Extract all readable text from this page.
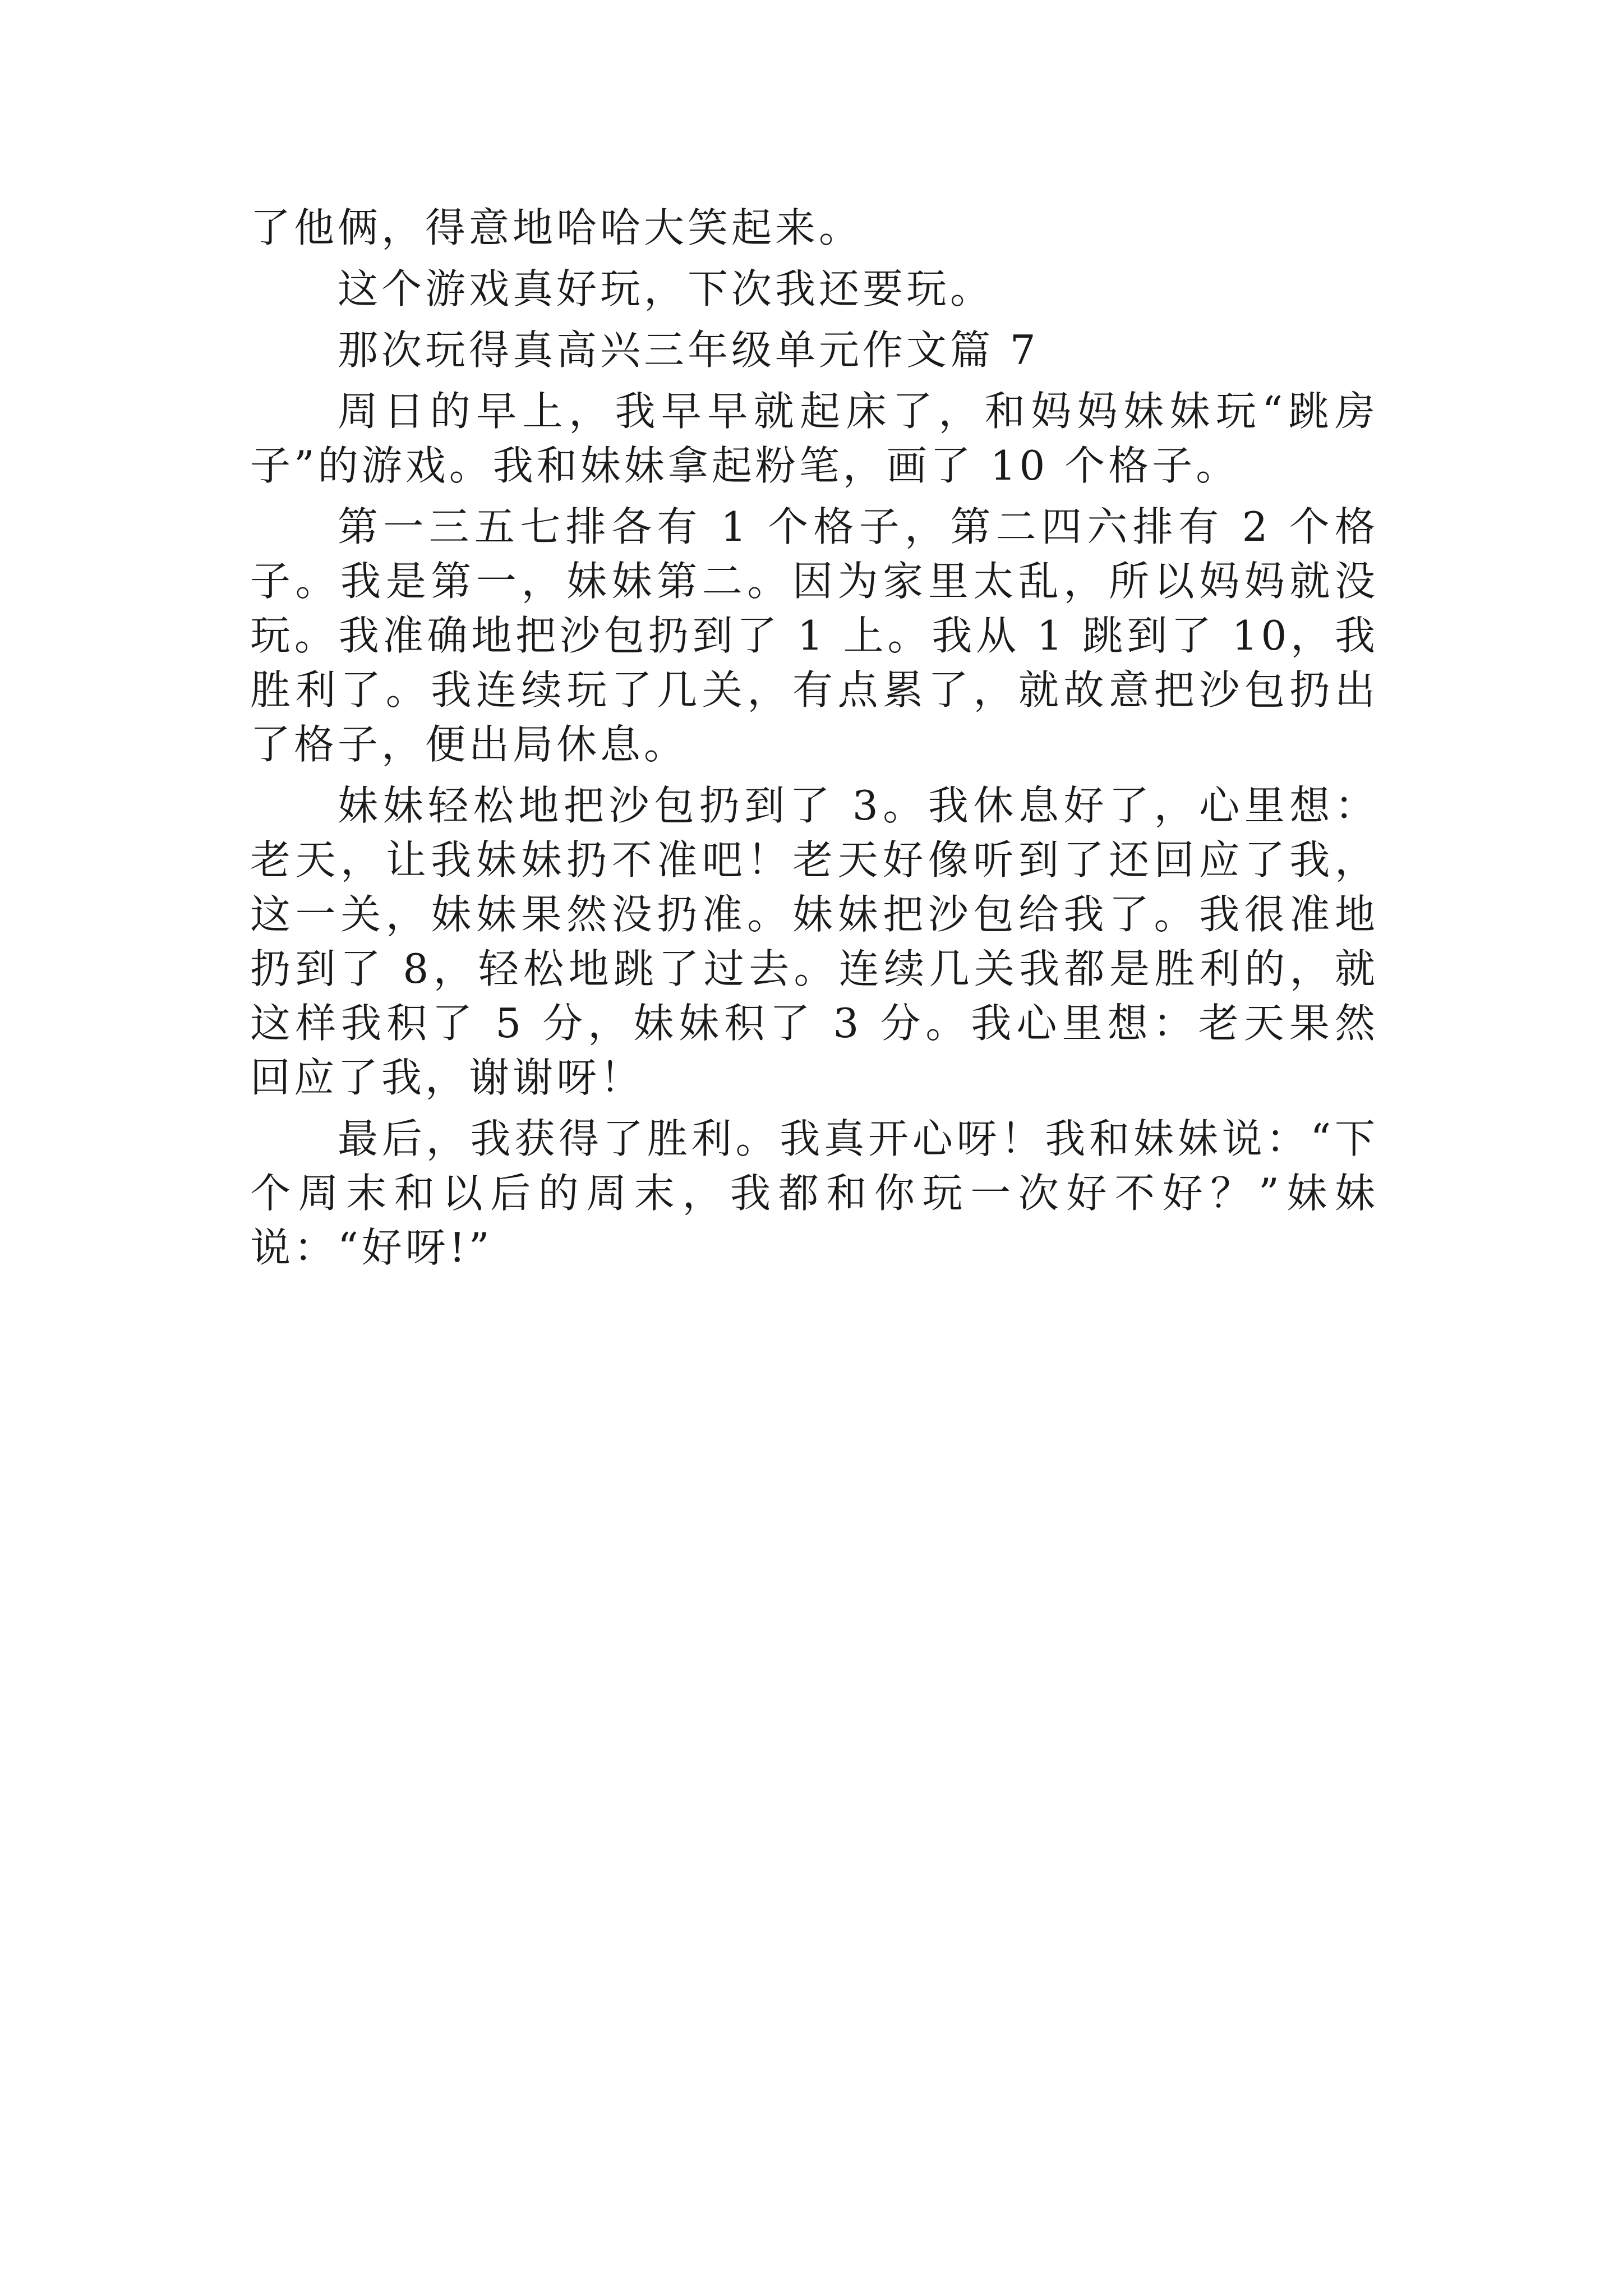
了他俩，得意地哈哈大笑起来。

这个游戏真好玩，下次我还要玩。

那次玩得真高兴三年级单元作文篇 7

周日的早上，我早早就起床了，和妈妈妹妹玩“跳房子”的游戏。我和妹妹拿起粉笔，画了 10 个格子。

第一三五七排各有 1 个格子，第二四六排有 2 个格子。我是第一，妹妹第二。因为家里太乱，所以妈妈就没玩。我准确地把沙包扔到了 1 上。我从 1 跳到了 10，我胜利了。我连续玩了几关，有点累了，就故意把沙包扔出了格子，便出局休息。

妹妹轻松地把沙包扔到了 3。我休息好了，心里想：老天，让我妹妹扔不准吧！老天好像听到了还回应了我，这一关，妹妹果然没扔准。妹妹把沙包给我了。我很准地扔到了 8，轻松地跳了过去。连续几关我都是胜利的，就这样我积了 5 分，妹妹积了 3 分。我心里想：老天果然回应了我，谢谢呀！

最后，我获得了胜利。我真开心呀！我和妹妹说：“下个周末和以后的周末，我都和你玩一次好不好？”妹妹说：“好呀!”
